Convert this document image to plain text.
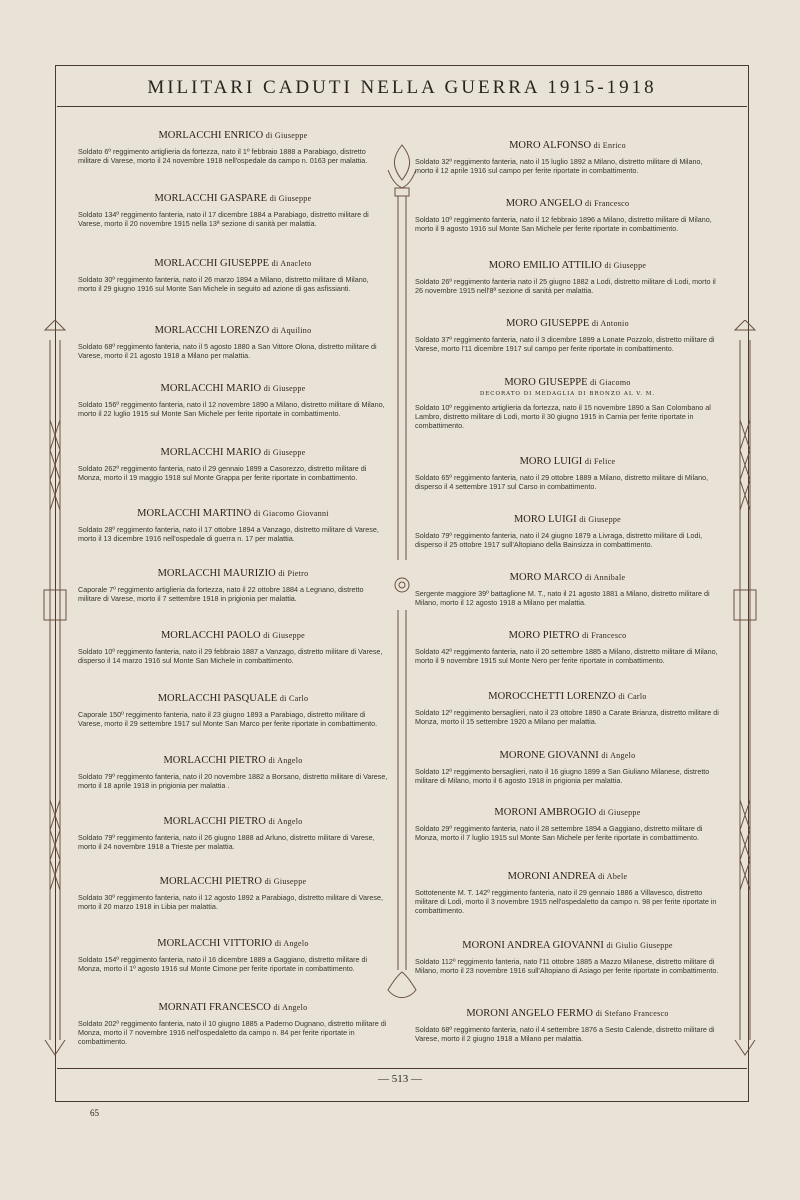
MILITARI CADUTI NELLA GUERRA 1915-1918
MORLACCHI ENRICO di Giuseppe
Soldato 6º reggimento artiglieria da fortezza, nato il 1º febbraio 1888 a Parabiago, distretto militare di Varese, morto il 24 novembre 1918 nell'ospedale da campo n. 0163 per malattia.
MORLACCHI GASPARE di Giuseppe
Soldato 134º reggimento fanteria, nato il 17 dicembre 1884 a Parabiago, distretto militare di Varese, morto il 20 novembre 1915 nella 13ª sezione di sanità per malattia.
MORLACCHI GIUSEPPE di Anacleto
Soldato 30º reggimento fanteria, nato il 26 marzo 1894 a Milano, distretto militare di Milano, morto il 29 giugno 1916 sul Monte San Michele in seguito ad azione di gas asfissianti.
MORLACCHI LORENZO di Aquilino
Soldato 68º reggimento fanteria, nato il 5 agosto 1880 a San Vittore Olona, distretto militare di Varese, morto il 21 agosto 1918 a Milano per malattia.
MORLACCHI MARIO di Giuseppe
Soldato 156º reggimento fanteria, nato il 12 novembre 1890 a Milano, distretto militare di Milano, morto il 22 luglio 1915 sul Monte San Michele per ferite riportate in combattimento.
MORLACCHI MARIO di Giuseppe
Soldato 262º reggimento fanteria, nato il 29 gennaio 1899 a Casorezzo, distretto militare di Monza, morto il 19 maggio 1918 sul Monte Grappa per ferite riportate in combattimento.
MORLACCHI MARTINO di Giacomo Giovanni
Soldato 28º reggimento fanteria, nato il 17 ottobre 1894 a Vanzago, distretto militare di Varese, morto il 13 dicembre 1916 nell'ospedale di guerra n. 17 per malattia.
MORLACCHI MAURIZIO di Pietro
Caporale 7º reggimento artiglieria da fortezza, nato il 22 ottobre 1884 a Legnano, distretto militare di Varese, morto il 7 settembre 1918 in prigionia per malattia.
MORLACCHI PAOLO di Giuseppe
Soldato 10º reggimento fanteria, nato il 29 febbraio 1887 a Vanzago, distretto militare di Varese, disperso il 14 marzo 1916 sul Monte San Michele in combattimento.
MORLACCHI PASQUALE di Carlo
Caporale 150º reggimento fanteria, nato il 23 giugno 1893 a Parabiago, distretto militare di Varese, morto il 29 settembre 1917 sul Monte San Marco per ferite riportate in combattimento.
MORLACCHI PIETRO di Angelo
Soldato 79º reggimento fanteria, nato il 20 novembre 1882 a Borsano, distretto militare di Varese, morto il 18 aprile 1918 in prigionia per malattia .
MORLACCHI PIETRO di Angelo
Soldato 79º reggimento fanteria, nato il 26 giugno 1888 ad Arluno, distretto militare di Varese, morto il 24 novembre 1918 a Trieste per malattia.
MORLACCHI PIETRO di Giuseppe
Soldato 30º reggimento fanteria, nato il 12 agosto 1892 a Parabiago, distretto militare di Varese, morto il 20 marzo 1918 in Libia per malattia.
MORLACCHI VITTORIO di Angelo
Soldato 154º reggimento fanteria, nato il 16 dicembre 1889 a Gaggiano, distretto militare di Monza, morto il 1º agosto 1916 sul Monte Cimone per ferite riportate in combattimento.
MORNATI FRANCESCO di Angelo
Soldato 202º reggimento fanteria, nato il 10 giugno 1885 a Paderno Dugnano, distretto militare di Monza, morto il 7 novembre 1916 nell'ospedaletto da campo n. 84 per ferite riportate in combattimento.
MORO ALFONSO di Enrico
Soldato 32º reggimento fanteria, nato il 15 luglio 1892 a Milano, distretto militare di Milano, morto il 12 aprile 1916 sul campo per ferite riportate in combattimento.
MORO ANGELO di Francesco
Soldato 10º reggimento fanteria, nato il 12 febbraio 1896 a Milano, distretto militare di Milano, morto il 9 agosto 1916 sul Monte San Michele per ferite riportate in combattimento.
MORO EMILIO ATTILIO di Giuseppe
Soldato 26º reggimento fanteria nato il 25 giugno 1882 a Lodi, distretto militare di Lodi, morto il 26 novembre 1915 nell'8ª sezione di sanità per malattia.
MORO GIUSEPPE di Antonio
Soldato 37º reggimento fanteria, nato il 3 dicembre 1899 a Lonate Pozzolo, distretto militare di Varese, morto l'11 dicembre 1917 sul campo per ferite riportate in combattimento.
MORO GIUSEPPE di Giacomo
DECORATO DI MEDAGLIA DI BRONZO AL V. M.
Soldato 10º reggimento artiglieria da fortezza, nato il 15 novembre 1890 a San Colombano al Lambro, distretto militare di Lodi, morto il 30 giugno 1915 in Carnia per ferite riportate in combattimento.
MORO LUIGI di Felice
Soldato 65º reggimento fanteria, nato il 29 ottobre 1889 a Milano, distretto militare di Milano, disperso il 4 settembre 1917 sul Carso in combattimento.
MORO LUIGI di Giuseppe
Soldato 79º reggimento fanteria, nato il 24 giugno 1879 a Livraga, distretto militare di Lodi, disperso il 25 ottobre 1917 sull'Altopiano della Bainsizza in combattimento.
MORO MARCO di Annibale
Sergente maggiore 39º battaglione M. T., nato il 21 agosto 1881 a Milano, distretto militare di Milano, morto il 12 agosto 1918 a Milano per malattia.
MORO PIETRO di Francesco
Soldato 42º reggimento fanteria, nato il 20 settembre 1885 a Milano, distretto militare di Milano, morto il 9 novembre 1915 sul Monte Nero per ferite riportate in combattimento.
MOROCCHETTI LORENZO di Carlo
Soldato 12º reggimento bersaglieri, nato il 23 ottobre 1890 a Carate Brianza, distretto militare di Monza, morto il 15 settembre 1920 a Milano per malattia.
MORONE GIOVANNI di Angelo
Soldato 12º reggimento bersaglieri, nato il 16 giugno 1899 a San Giuliano Milanese, distretto militare di Milano, morto il 6 agosto 1918 in prigionia per malattia.
MORONI AMBROGIO di Giuseppe
Soldato 29º reggimento fanteria, nato il 28 settembre 1894 a Gaggiano, distretto militare di Monza, morto il 7 luglio 1915 sul Monte San Michele per ferite riportate in combattimento.
MORONI ANDREA di Abele
Sottotenente M. T. 142º reggimento fanteria, nato il 29 gennaio 1886 a Villavesco, distretto militare di Lodi, morto il 3 novembre 1915 nell'ospedaletto da campo n. 98 per ferite riportate in combattimento.
MORONI ANDREA GIOVANNI di Giulio Giuseppe
Soldato 112º reggimento fanteria, nato l'11 ottobre 1885 a Mazzo Milanese, distretto militare di Milano, morto il 23 novembre 1916 sull'Altopiano di Asiago per ferite riportate in combattimento.
MORONI ANGELO FERMO di Stefano Francesco
Soldato 68º reggimento fanteria, nato il 4 settembre 1876 a Sesto Calende, distretto militare di Varese, morto il 2 giugno 1918 a Milano per malattia.
— 513 —
65
